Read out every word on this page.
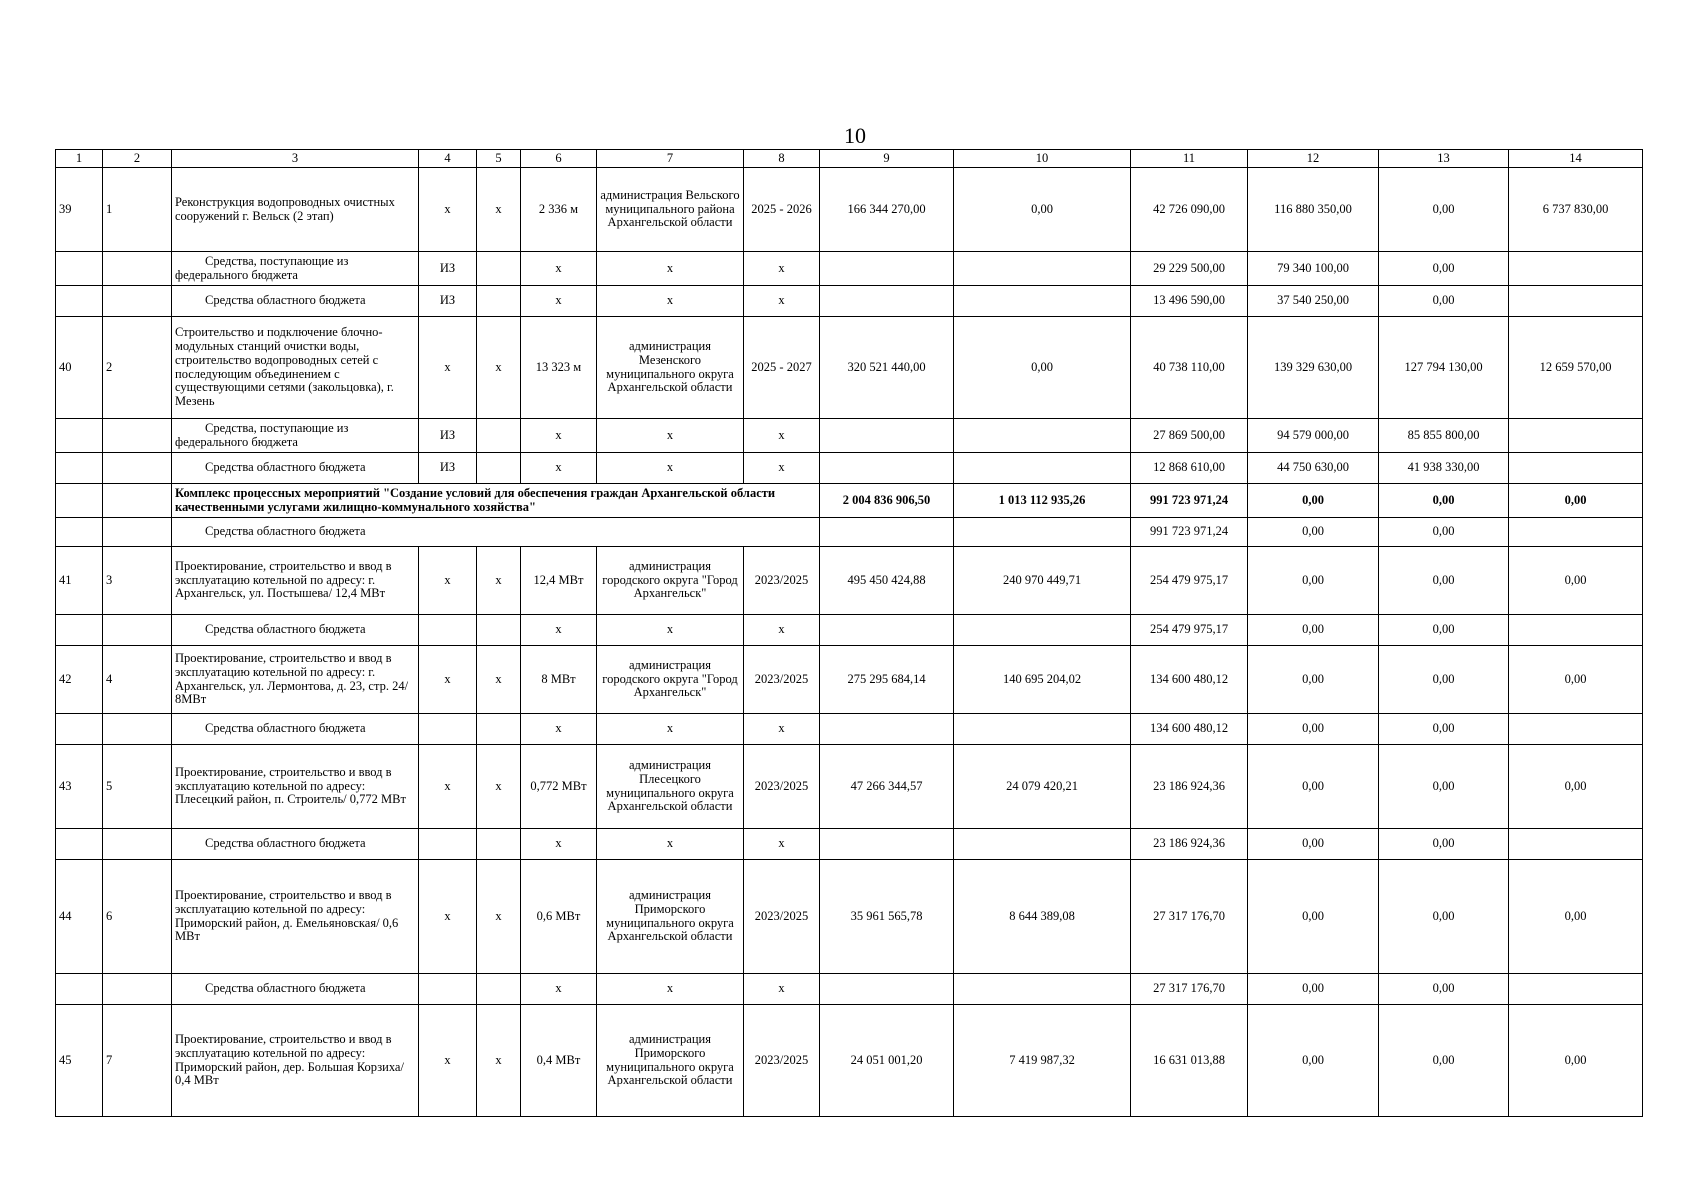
10
1	2	3	4	5	6	7	8	9	10	11	12	13	14
39	1	Реконструкция водопроводных очистных сооружений г. Вельск (2 этап)	x	x	2 336 м	администрация Вельского муниципального района Архангельской области	2025 - 2026	166 344 270,00	0,00	42 726 090,00	116 880 350,00	0,00	6 737 830,00
		Средства, поступающие из федерального бюджета	ИЗ		x	x	x			29 229 500,00	79 340 100,00	0,00	
		Средства областного бюджета	ИЗ		x	x	x			13 496 590,00	37 540 250,00	0,00	
40	2	Строительство и подключение блочно-модульных станций очистки воды, строительство водопроводных сетей с последующим объединением с существующими сетями (закольцовка), г. Мезень	x	x	13 323 м	администрация Мезенского муниципального округа Архангельской области	2025 - 2027	320 521 440,00	0,00	40 738 110,00	139 329 630,00	127 794 130,00	12 659 570,00
		Средства, поступающие из федерального бюджета	ИЗ		x	x	x			27 869 500,00	94 579 000,00	85 855 800,00	
		Средства областного бюджета	ИЗ		x	x	x			12 868 610,00	44 750 630,00	41 938 330,00	
		Комплекс процессных мероприятий "Создание условий для обеспечения граждан Архангельской области качественными услугами жилищно-коммунального хозяйства"						2 004 836 906,50	1 013 112 935,26	991 723 971,24	0,00	0,00	0,00
		Средства областного бюджета								991 723 971,24	0,00	0,00	
41	3	Проектирование, строительство и ввод в эксплуатацию котельной по адресу: г. Архангельск, ул. Постышева/ 12,4 МВт	x	x	12,4 МВт	администрация городского округа "Город Архангельск"	2023/2025	495 450 424,88	240 970 449,71	254 479 975,17	0,00	0,00	0,00
		Средства областного бюджета			x	x	x			254 479 975,17	0,00	0,00	
42	4	Проектирование, строительство и ввод в эксплуатацию котельной по адресу: г. Архангельск, ул. Лермонтова, д. 23, стр. 24/ 8МВт	x	x	8 МВт	администрация городского округа "Город Архангельск"	2023/2025	275 295 684,14	140 695 204,02	134 600 480,12	0,00	0,00	0,00
		Средства областного бюджета			x	x	x			134 600 480,12	0,00	0,00	
43	5	Проектирование, строительство и ввод в эксплуатацию котельной по адресу: Плесецкий район, п. Строитель/ 0,772 МВт	x	x	0,772 МВт	администрация Плесецкого муниципального округа Архангельской области	2023/2025	47 266 344,57	24 079 420,21	23 186 924,36	0,00	0,00	0,00
		Средства областного бюджета			x	x	x			23 186 924,36	0,00	0,00	
44	6	Проектирование, строительство и ввод в эксплуатацию котельной по адресу: Приморский район, д. Емельяновская/ 0,6 МВт	x	x	0,6 МВт	администрация Приморского муниципального округа Архангельской области	2023/2025	35 961 565,78	8 644 389,08	27 317 176,70	0,00	0,00	0,00
		Средства областного бюджета			x	x	x			27 317 176,70	0,00	0,00	
45	7	Проектирование, строительство и ввод в эксплуатацию котельной по адресу: Приморский район, дер. Большая Корзиха/ 0,4 МВт	x	x	0,4 МВт	администрация Приморского муниципального округа Архангельской области	2023/2025	24 051 001,20	7 419 987,32	16 631 013,88	0,00	0,00	0,00
